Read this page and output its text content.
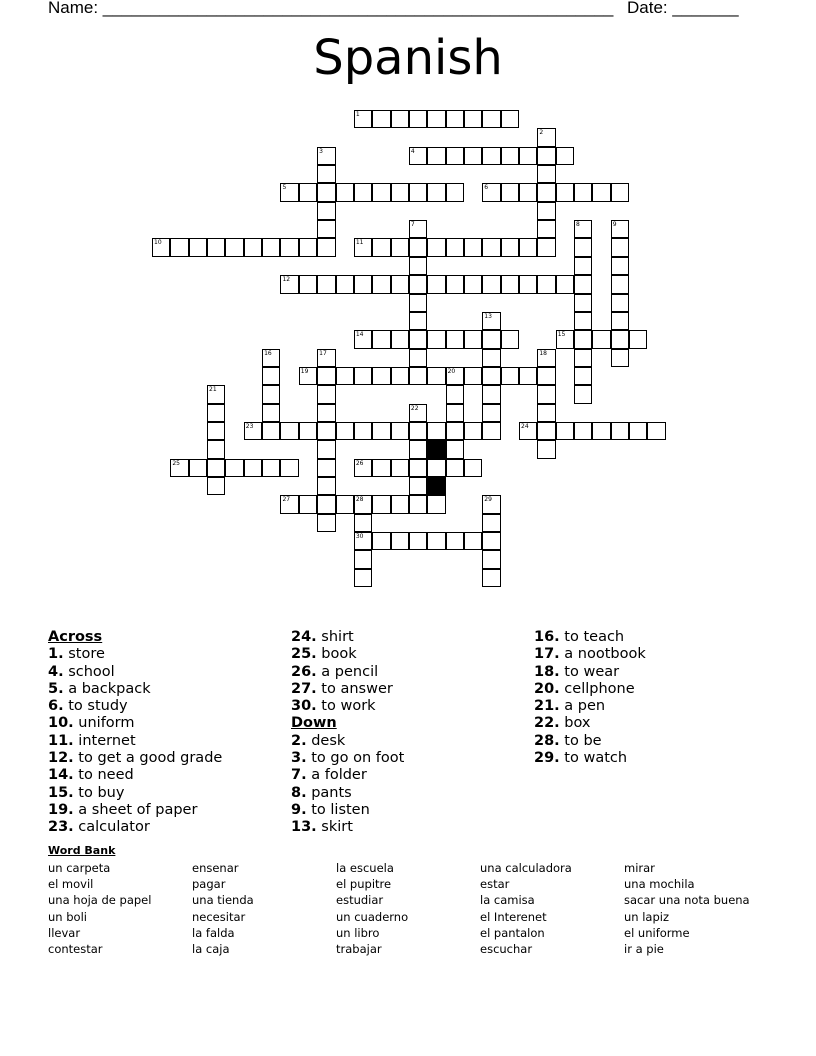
Name: ______________________________________________________ Date: _______
Spanish
1
2
3	4
5	6
7	8	9
10	11
12
13
14	15
16	17	18
19	20
21
22
23	24
25	26
27	28	29
30
Across
1. store
4. school
5. a backpack
6. to study
10. uniform
11. internet
12. to get a good grade
14. to need
15. to buy
19. a sheet of paper
23. calculator
24. shirt
25. book
26. a pencil
27. to answer
30. to work
Down
2. desk
3. to go on foot
7. a folder
8. pants
9. to listen
13. skirt
16. to teach
17. a nootbook
18. to wear
20. cellphone
21. a pen
22. box
28. to be
29. to watch
Word Bank
un carpeta
el movil
una hoja de papel
un boli
llevar
contestar
ensenar
pagar
una tienda
necesitar
la falda
la caja
la escuela
el pupitre
estudiar
un cuaderno
un libro
trabajar
una calculadora
estar
la camisa
el Interenet
el pantalon
escuchar
mirar
una mochila
sacar una nota buena
un lapiz
el uniforme
ir a pie
